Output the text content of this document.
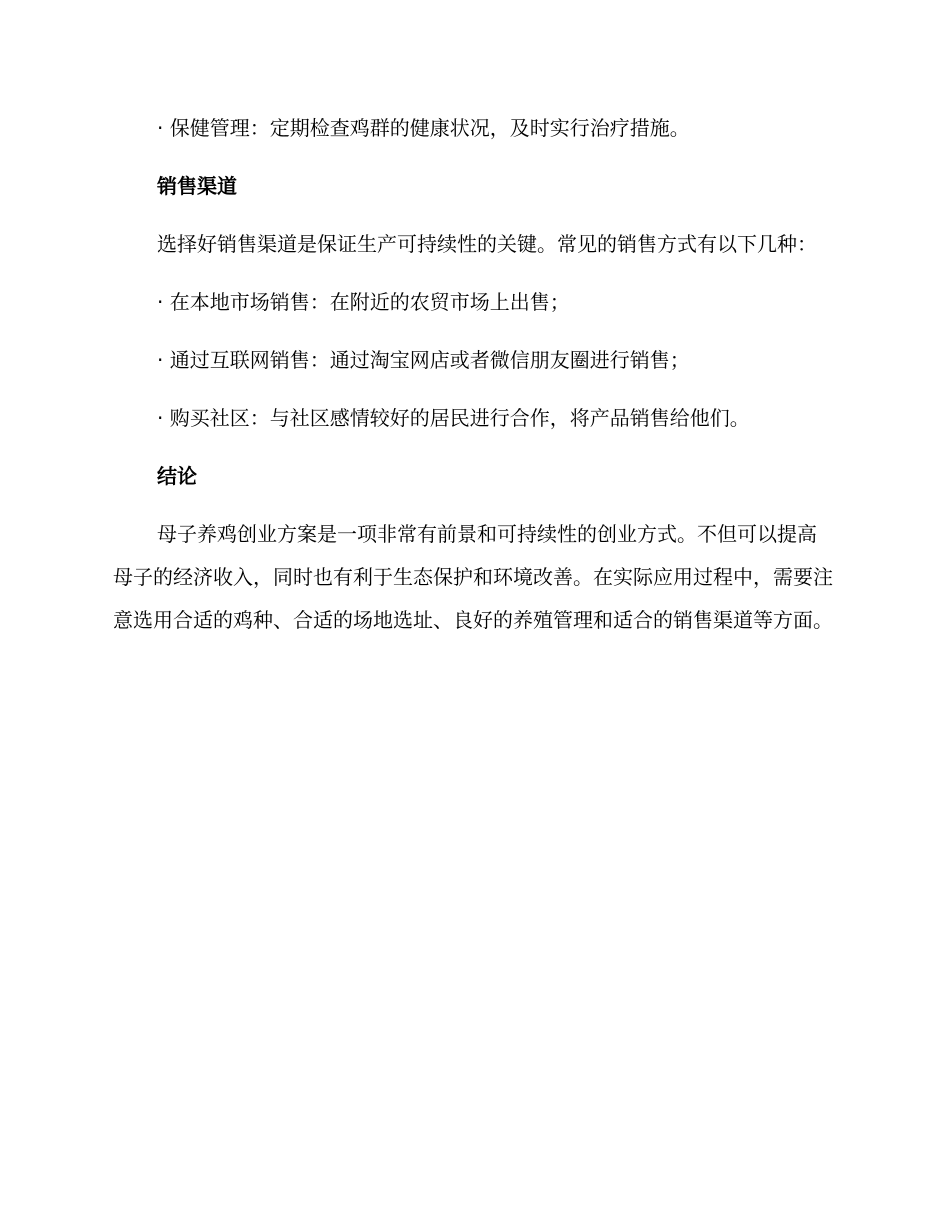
· 保健管理：定期检查鸡群的健康状况，及时实行治疗措施。

销售渠道

选择好销售渠道是保证生产可持续性的关键。常见的销售方式有以下几种：

· 在本地市场销售：在附近的农贸市场上出售；

· 通过互联网销售：通过淘宝网店或者微信朋友圈进行销售；

· 购买社区：与社区感情较好的居民进行合作，将产品销售给他们。

结论

母子养鸡创业方案是一项非常有前景和可持续性的创业方式。不但可以提高母子的经济收入，同时也有利于生态保护和环境改善。在实际应用过程中，需要注意选用合适的鸡种、合适的场地选址、良好的养殖管理和适合的销售渠道等方面。
